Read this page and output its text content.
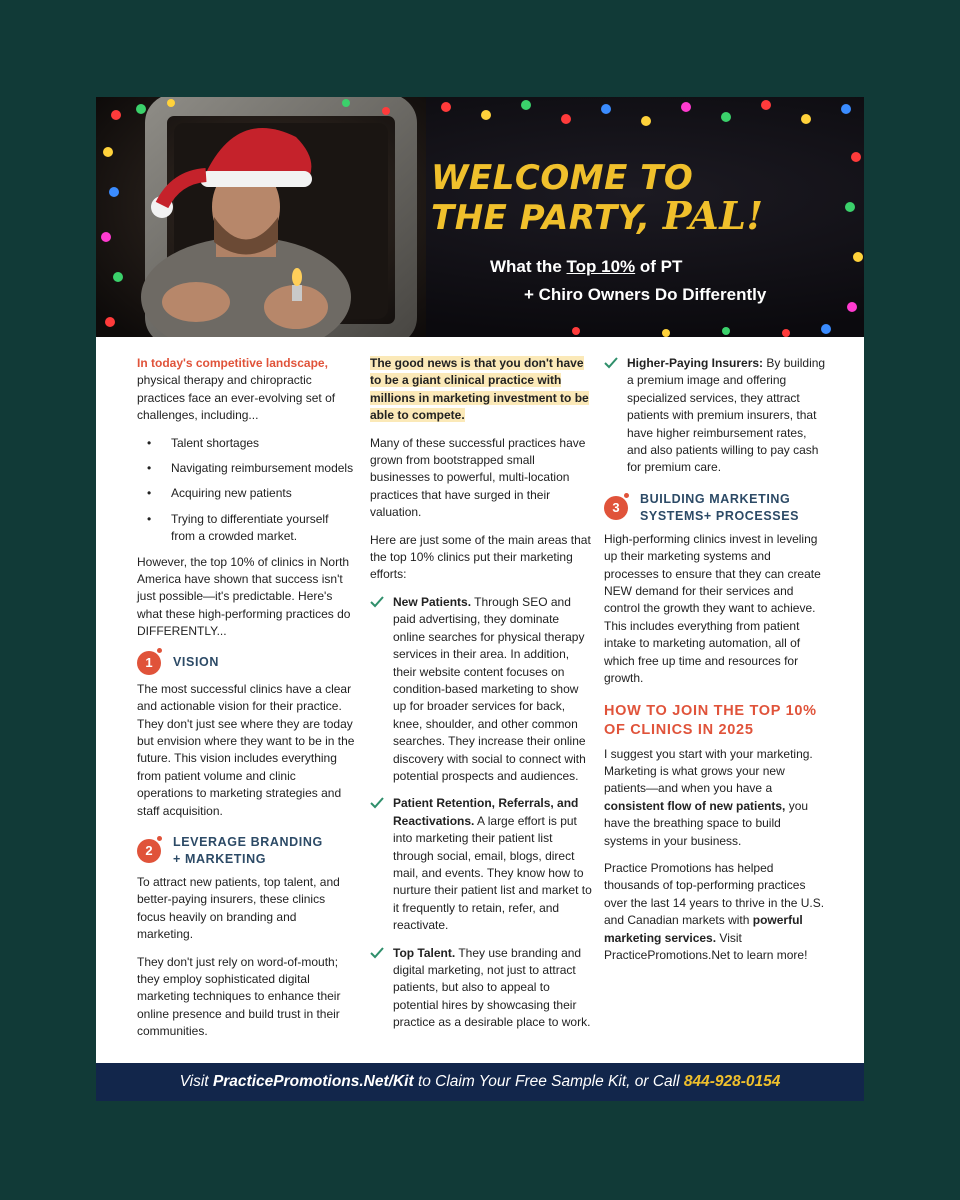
WELCOME TO
THE PARTY, PAL!
What the Top 10% of PT
+ Chiro Owners Do Differently

In today's competitive landscape, physical therapy and chiropractic practices face an ever-evolving set of challenges, including...

• Talent shortages
• Navigating reimbursement models
• Acquiring new patients
• Trying to differentiate yourself from a crowded market.

However, the top 10% of clinics in North America have shown that success isn't just possible—it's predictable. Here's what these high-performing practices do DIFFERENTLY...

1	VISION

The most successful clinics have a clear and actionable vision for their practice. They don't just see where they are today but envision where they want to be in the future. This vision includes everything from patient volume and clinic operations to marketing strategies and staff acquisition.

2
LEVERAGE BRANDING + MARKETING

To attract new patients, top talent, and better-paying insurers, these clinics focus heavily on branding and marketing.

They don't just rely on word-of-mouth; they employ sophisticated digital marketing techniques to enhance their online presence and build trust in their communities.

The good news is that you don't have to be a giant clinical practice with millions in marketing investment to be able to compete.

Many of these successful practices have grown from bootstrapped small businesses to powerful, multi-location practices that have surged in their valuation.

Here are just some of the main areas that the top 10% clinics put their marketing efforts:

New Patients. Through SEO and paid advertising, they dominate online searches for physical therapy services in their area. In addition, their website content focuses on condition-based marketing to show up for broader services for back, knee, shoulder, and other common searches. They increase their online discovery with social to connect with potential prospects and audiences.
Patient Retention, Referrals, and Reactivations. A large effort is put into marketing their patient list through social, email, blogs, direct mail, and events. They know how to nurture their patient list and market to it frequently to retain, refer, and reactivate.
Top Talent. They use branding and digital marketing, not just to attract patients, but also to appeal to potential hires by showcasing their practice as a desirable place to work.
Higher-Paying Insurers: By building a premium image and offering specialized services, they attract patients with premium insurers, that have higher reimbursement rates, and also patients willing to pay cash for premium care.
3
BUILDING MARKETING SYSTEMS+ PROCESSES

High-performing clinics invest in leveling up their marketing systems and processes to ensure that they can create NEW demand for their services and control the growth they want to achieve. This includes everything from patient intake to marketing automation, all of which free up time and resources for growth.

HOW TO JOIN THE TOP 10% OF CLINICS IN 2025

I suggest you start with your marketing. Marketing is what grows your new patients—and when you have a consistent flow of new patients, you have the breathing space to build systems in your business.

Practice Promotions has helped thousands of top-performing practices over the last 14 years to thrive in the U.S. and Canadian markets with powerful marketing services. Visit PracticePromotions.Net to learn more!

Visit
PracticePromotions.Net/Kit
to Claim Your Free Sample Kit, or Call
844-928-0154
